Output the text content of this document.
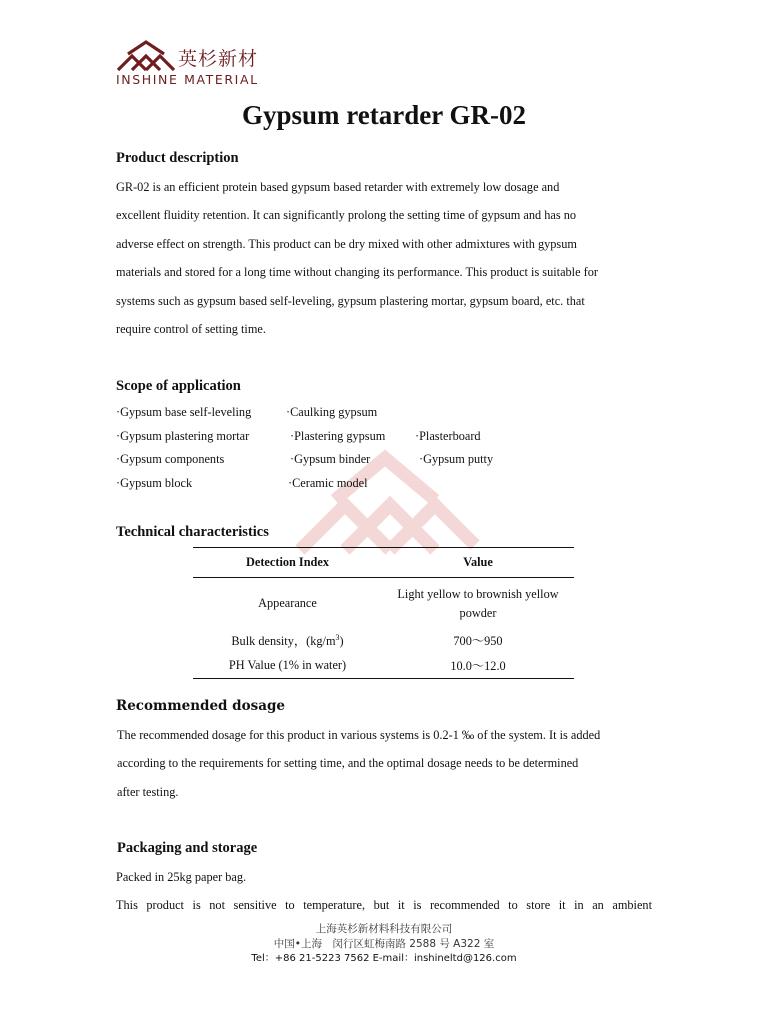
英杉新材
INSHINE MATERIAL
Gypsum retarder GR-02
Product description
GR-02 is an efficient protein based gypsum based retarder with extremely low dosage and
excellent fluidity retention. It can significantly prolong the setting time of gypsum and has no
adverse effect on strength. This product can be dry mixed with other admixtures with gypsum
materials and stored for a long time without changing its performance. This product is suitable for
systems such as gypsum based self-leveling, gypsum plastering mortar, gypsum board, etc. that
require control of setting time.
Scope of application
·Gypsum base self-leveling	·Caulking gypsum
·Gypsum plastering mortar	·Plastering gypsum ·Plasterboard
·Gypsum components	·Gypsum binder	·Gypsum putty
·Gypsum block	·Ceramic model
Technical characteristics
Detection Index	Value
Appearance	Light yellow to brownish yellow
powder

Bulk density，$(kg/m^3)$	700～950
PH Value (1% in water)	10.0～12.0
Recommended dosage
The recommended dosage for this product in various systems is 0.2-1 ‰ of the system. It is added
according to the requirements for setting time, and the optimal dosage needs to be determined
after testing.
Packaging and storage
Packed in 25kg paper bag.
This product is not sensitive to temperature, but it is recommended to store it in an ambient
上海英杉新材料科技有限公司
中国•上海　闵行区虹梅南路 2588 号 A322 室
Tel：+86 21-5223 7562 E-mail：inshineltd@126.com
